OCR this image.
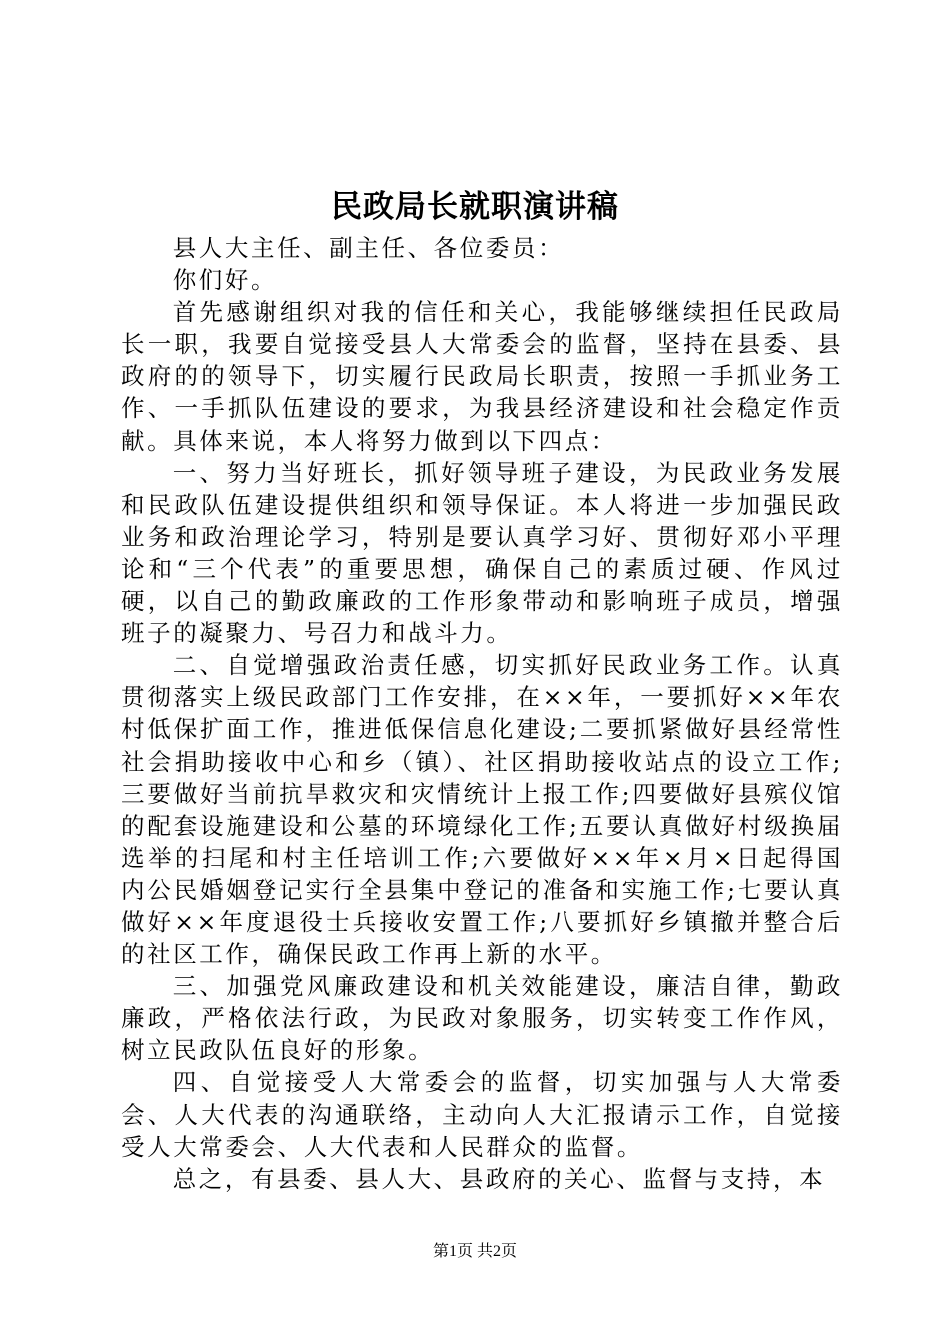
民政局长就职演讲稿

县人大主任、副主任、各位委员：

你们好。

首先感谢组织对我的信任和关心，我能够继续担任民政局长一职，我要自觉接受县人大常委会的监督，坚持在县委、县政府的的领导下，切实履行民政局长职责，按照一手抓业务工作、一手抓队伍建设的要求，为我县经济建设和社会稳定作贡献。具体来说，本人将努力做到以下四点：

一、努力当好班长，抓好领导班子建设，为民政业务发展和民政队伍建设提供组织和领导保证。本人将进一步加强民政业务和政治理论学习，特别是要认真学习好、贯彻好邓小平理论和“三个代表”的重要思想，确保自己的素质过硬、作风过硬，以自己的勤政廉政的工作形象带动和影响班子成员，增强班子的凝聚力、号召力和战斗力。

二、自觉增强政治责任感，切实抓好民政业务工作。认真贯彻落实上级民政部门工作安排，在××年，一要抓好××年农村低保扩面工作，推进低保信息化建设;二要抓紧做好县经常性社会捐助接收中心和乡（镇）、社区捐助接收站点的设立工作;三要做好当前抗旱救灾和灾情统计上报工作;四要做好县殡仪馆的配套设施建设和公墓的环境绿化工作;五要认真做好村级换届选举的扫尾和村主任培训工作;六要做好××年×月×日起得国内公民婚姻登记实行全县集中登记的准备和实施工作;七要认真做好××年度退役士兵接收安置工作;八要抓好乡镇撤并整合后的社区工作，确保民政工作再上新的水平。

三、加强党风廉政建设和机关效能建设，廉洁自律，勤政廉政，严格依法行政，为民政对象服务，切实转变工作作风，树立民政队伍良好的形象。

四、自觉接受人大常委会的监督，切实加强与人大常委会、人大代表的沟通联络，主动向人大汇报请示工作，自觉接受人大常委会、人大代表和人民群众的监督。

总之，有县委、县人大、县政府的关心、监督与支持，本

第1页 共2页
